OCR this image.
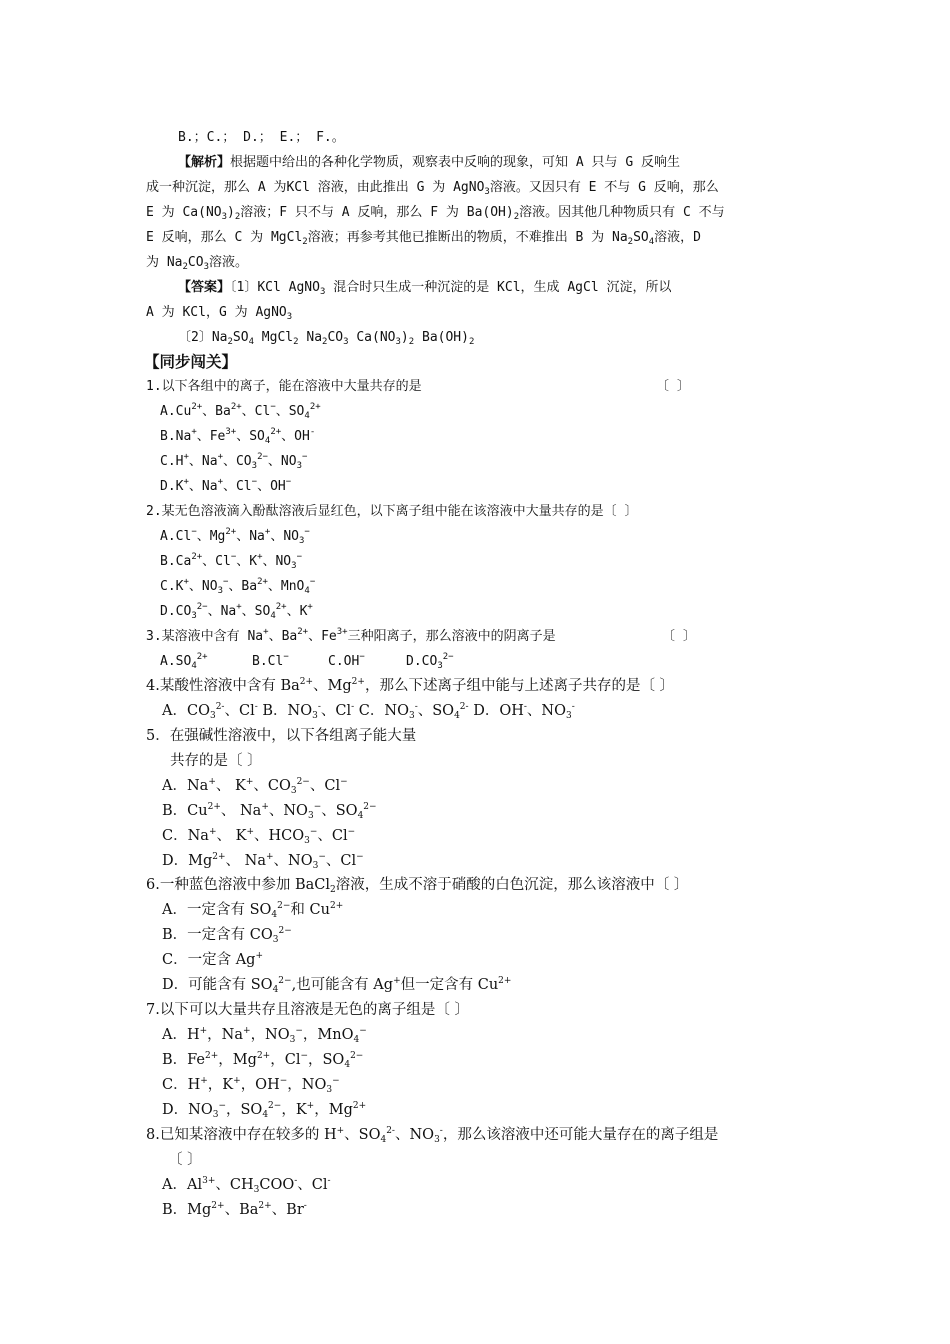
B.；C.； D.； E.； F.。
【解析】根据题中给出的各种化学物质，观察表中反响的现象，可知 A 只与 G 反响生
成一种沉淀，那么 A 为KCl 溶液，由此推出 G 为 AgNO$_3$溶液。又因只有 E 不与 G 反响，那么
E 为 $Ca(NO_3)_2$溶液；F 只不与 A 反响，那么 F 为 $Ba(OH)_2$溶液。因其他几种物质只有 C 不与
E 反响，那么 C 为 MgCl$_2$溶液；再参考其他已推断出的物质，不难推出 B 为 $Na_2SO_4$溶液，D
为 $Na_2CO_3$溶液。
【答案】〔1〕KCl AgNO$_3$ 混合时只生成一种沉淀的是 KCl，生成 AgCl 沉淀，所以
A 为 KCl，G 为 AgNO$_3$
〔2〕$Na_2SO_4$ MgCl$_2$ $Na_2CO_3$ $Ca(NO_3)_2$ $Ba(OH)_2$
【同步闯关】
1.以下各组中的离子，能在溶液中大量共存的是	〔 〕
$A.Cu^{2+}$、$Ba^{2+}$、Cl−、$SO_4^{2+}$
B.Na+、$Fe^{3+}$、$SO_4^{2+}$、OH-
C.H+、Na+、$CO_3^{2-}$、$NO_3^-$
D.K+、Na+、Cl−、OH−
2.某无色溶液滴入酚酞溶液后显红色，以下离子组中能在该溶液中大量共存的是〔 〕
A.Cl−、$Mg^{2+}$、Na+、$NO_3^-$
$B.Ca^{2+}$、Cl−、K+、$NO_3^-$
C.K+、$NO_3^-$、$Ba^{2+}$、MnO$_4$−
$D.CO_3^{2-}$、Na+、$SO_4^{2+}$、K+
3.某溶液中含有 Na+、$Ba^{2+}$、$Fe^{3+}$三种阳离子，那么溶液中的阴离子是	〔 〕
$A.SO_4^{2+}$	B.Cl−	C.OH−	$D.CO_3^{2-}$
4.某酸性溶液中含有 $Ba^{2+}$、$Mg^{2+}$，那么下述离子组中能与上述离子共存的是〔 〕
A．$CO_3^{2-}$、Cl- B．$NO_3^-$、Cl- C．$NO_3^-$、$SO_4^{2-}$ D．OH-、$NO_3^-$
5．在强碱性溶液中，以下各组离子能大量
共存的是〔 〕
A．Na+、 K+、$CO_3^{2-}$、Cl−
B．$Cu^{2+}$、 Na+、$NO_3^-$、$SO_4^{2-}$
C．Na+、 K+、$HCO_3^-$、Cl−
D．$Mg^{2+}$、 Na+、$NO_3^-$、Cl−
6.一种蓝色溶液中参加 BaCl$_2$溶液，生成不溶于硝酸的白色沉淀，那么该溶液中〔 〕
A．一定含有 $SO_4^{2-}$和 $Cu^{2+}$
B．一定含有 $CO_3^{2-}$
C．一定含 Ag+
D．可能含有 $SO_4^{2-}$,也可能含有 Ag+但一定含有 $Cu^{2+}$
7.以下可以大量共存且溶液是无色的离子组是〔 〕
A．H+，Na+，$NO_3^-$，MnO$_4$−
B．$Fe^{2+}$，$Mg^{2+}$，Cl−，$SO_4^{2-}$
C．H+，K+，OH−，$NO_3^-$
D．$NO_3^-$，$SO_4^{2-}$，K+，$Mg^{2+}$
8.已知某溶液中存在较多的 H+、$SO_4^{2-}$、$NO_3^-$，那么该溶液中还可能大量存在的离子组是
〔 〕
A．$Al^{3+}$、$CH_3COO^-$、Cl-
B．$Mg^{2+}$、$Ba^{2+}$、Br-
